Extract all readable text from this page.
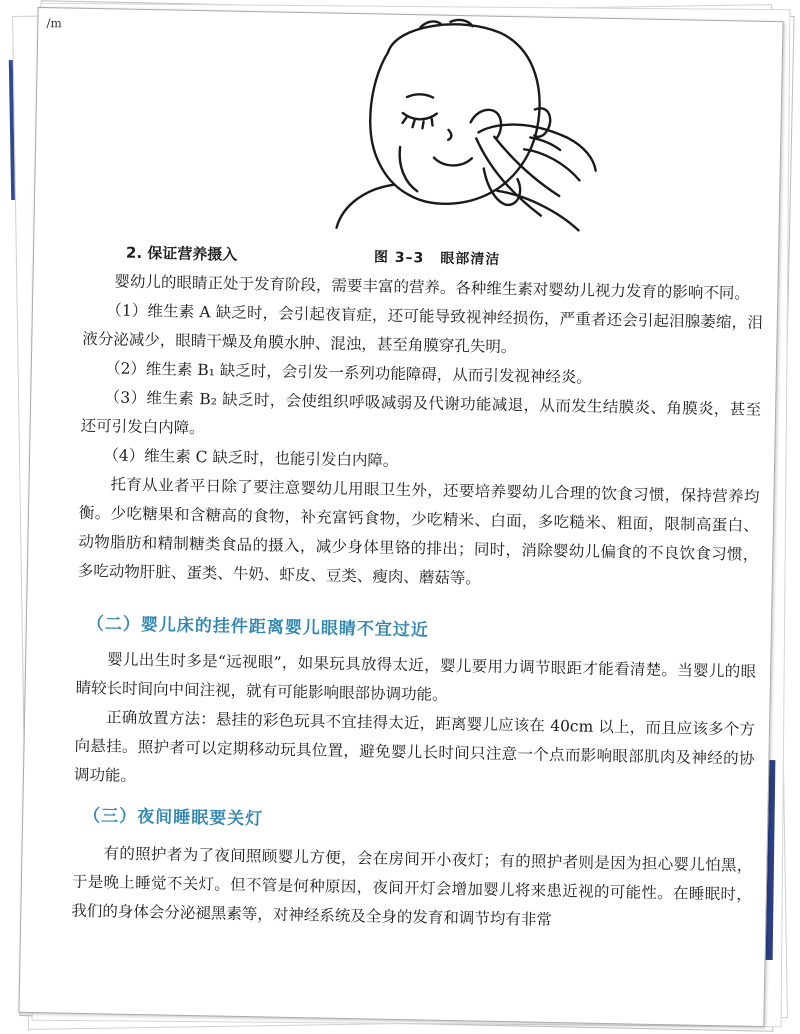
/m
2. 保证营养摄入	图 3–3 眼部清洁

婴幼儿的眼睛正处于发育阶段，需要丰富的营养。各种维生素对婴幼儿视力发育的影响不同。

（1）维生素 A 缺乏时，会引起夜盲症，还可能导致视神经损伤，严重者还会引起泪腺萎缩，泪液分泌减少，眼睛干燥及角膜水肿、混浊，甚至角膜穿孔失明。

（2）维生素 B₁ 缺乏时，会引发一系列功能障碍，从而引发视神经炎。

（3）维生素 B₂ 缺乏时，会使组织呼吸减弱及代谢功能减退，从而发生结膜炎、角膜炎，甚至还可引发白内障。

（4）维生素 C 缺乏时，也能引发白内障。

托育从业者平日除了要注意婴幼儿用眼卫生外，还要培养婴幼儿合理的饮食习惯，保持营养均衡。少吃糖果和含糖高的食物，补充富钙食物，少吃精米、白面，多吃糙米、粗面，限制高蛋白、动物脂肪和精制糖类食品的摄入，减少身体里铬的排出；同时，消除婴幼儿偏食的不良饮食习惯，多吃动物肝脏、蛋类、牛奶、虾皮、豆类、瘦肉、蘑菇等。

（二）婴儿床的挂件距离婴儿眼睛不宜过近

婴儿出生时多是“远视眼”，如果玩具放得太近，婴儿要用力调节眼距才能看清楚。当婴儿的眼睛较长时间向中间注视，就有可能影响眼部协调功能。

正确放置方法：悬挂的彩色玩具不宜挂得太近，距离婴儿应该在 40cm 以上，而且应该多个方向悬挂。照护者可以定期移动玩具位置，避免婴儿长时间只注意一个点而影响眼部肌肉及神经的协调功能。

（三）夜间睡眠要关灯

有的照护者为了夜间照顾婴儿方便，会在房间开小夜灯；有的照护者则是因为担心婴儿怕黑，于是晚上睡觉不关灯。但不管是何种原因，夜间开灯会增加婴儿将来患近视的可能性。在睡眠时，我们的身体会分泌褪黑素等，对神经系统及全身的发育和调节均有非常
